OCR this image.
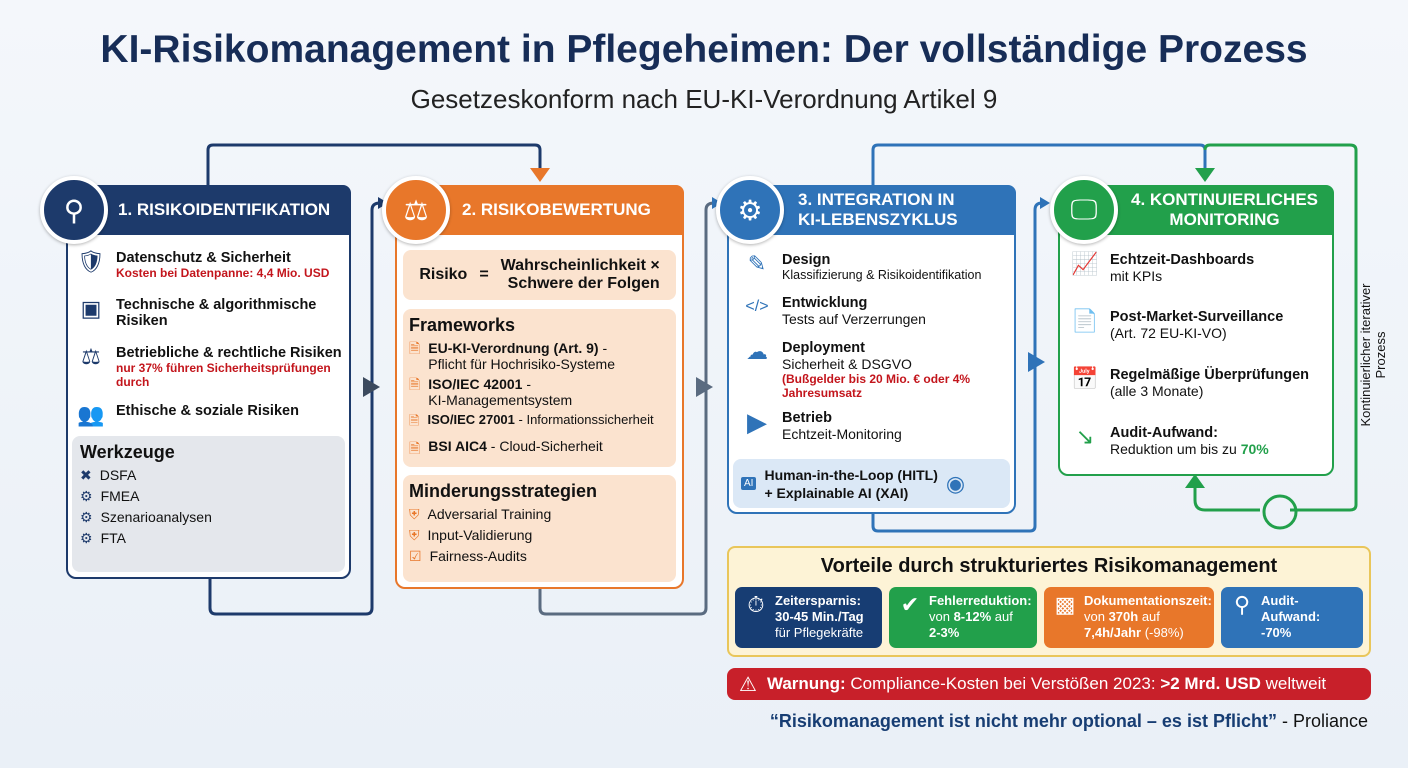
KI-Risikomanagement in Pflegeheimen: Der vollständige Prozess
Gesetzeskonform nach EU-KI-Verordnung Artikel 9
1. RISIKOIDENTIFIKATION
⚲
🛡 Datenschutz & Sicherheit
Kosten bei Datenpanne: 4,4 Mio. USD
▣	Technische & algorithmische Risiken
⚖	Betriebliche & rechtliche Risiken
nur 37% führen Sicherheitsprüfungen durch
👥 Ethische & soziale Risiken
Werkzeuge
✖ DSFA
⚙ FMEA
⚙ Szenarioanalysen
⚙ FTA
2. RISIKOBEWERTUNG
⚖
Risiko =
Wahrscheinlichkeit ×
Schwere der Folgen
Frameworks
🗎 EU-KI-Verordnung (Art. 9) -
Pflicht für Hochrisiko-Systeme
🗎 ISO/IEC 42001 -
KI-Managementsystem
🗎 ISO/IEC 27001 - Informationssicherheit
🗎 BSI AIC4 - Cloud-Sicherheit
Minderungsstrategien
⛨ Adversarial Training
⛨ Input-Validierung
☑ Fairness-Audits
3. INTEGRATION IN
KI-LEBENSZYKLUS
⚙
✎	Design
Klassifizierung & Risikoidentifikation
</> Entwicklung
Tests auf Verzerrungen
☁ Deployment
Sicherheit & DSGVO
(Bußgelder bis 20 Mio. € oder 4% Jahresumsatz
▶	Betrieb
Echtzeit-Monitoring
AI
Human-in-the-Loop (HITL)
+ Explainable AI (XAI)	◉
4. KONTINUIERLICHES
MONITORING
🖵
📈 Echtzeit-Dashboards
mit KPIs
📄 Post-Market-Surveillance
(Art. 72 EU-KI-VO)
📅 Regelmäßige Überprüfungen
(alle 3 Monate)
↘	Audit-Aufwand:
Reduktion um bis zu 70%
Kontinuierlicher iterativer Prozess
Vorteile durch strukturiertes Risikomanagement
⏱ Zeitersparnis:
30-45 Min./Tag
für Pflegekräfte
✔ Fehlerreduktion:
von 8-12% auf
2-3%
▩ Dokumentationszeit:
von 370h auf
7,4h/Jahr (-98%)
⚲ Audit-Aufwand:
-70%
⚠ Warnung: Compliance-Kosten bei Verstößen 2023: >2 Mrd. USD weltweit
“Risikomanagement ist nicht mehr optional – es ist Pflicht” - Proliance
